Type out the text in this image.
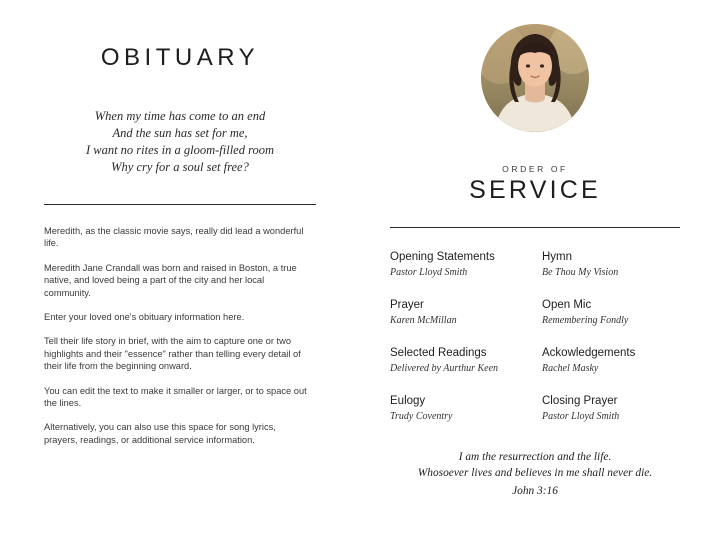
OBITUARY
When my time has come to an end
And the sun has set for me,
I want no rites in a gloom-filled room
Why cry for a soul set free?

Meredith, as the classic movie says, really did lead a wonderful life.

Meredith Jane Crandall was born and raised in Boston, a true native, and loved being a part of the city and her local community.

Enter your loved one's obituary information here.

Tell their life story in brief, with the aim to capture one or two highlights and their "essence" rather than telling every detail of their life from the beginning onward.

You can edit the text to make it smaller or larger, or to space out the lines.

Alternatively, you can also use this space for song lyrics, prayers, readings, or additional service information.

ORDER OF
SERVICE
Opening Statements
Pastor Lloyd Smith
Hymn
Be Thou My Vision
Prayer
Karen McMillan
Open Mic
Remembering Fondly
Selected Readings
Delivered by Aurthur Keen
Ackowledgements
Rachel Masky
Eulogy
Trudy Coventry
Closing Prayer
Pastor Lloyd Smith
I am the resurrection and the life.
Whosoever lives and believes in me shall never die.
John 3:16
